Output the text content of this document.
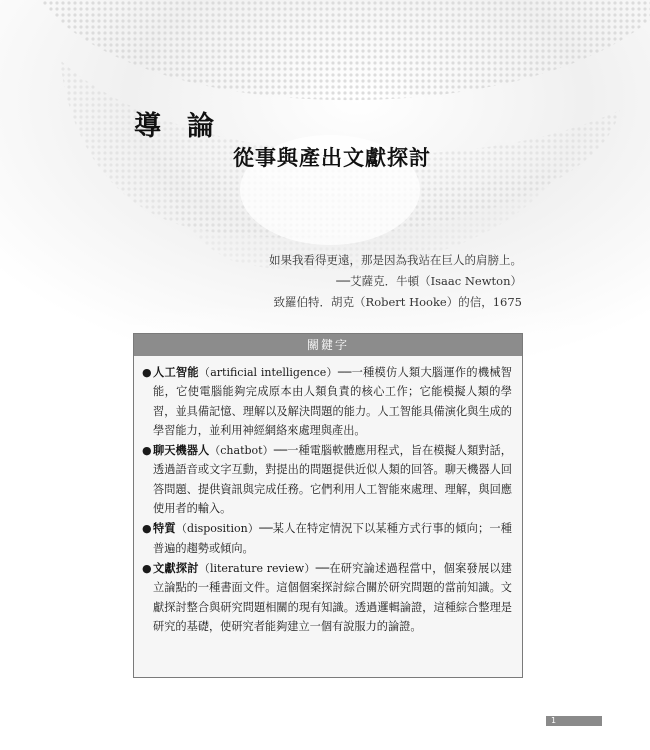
導論
從事與產出文獻探討
如果我看得更遠，那是因為我站在巨人的肩膀上。
──艾薩克．牛頓（Isaac Newton）
致羅伯特．胡克（Robert Hooke）的信，1675
關鍵字
● 人工智能（artificial intelligence）──一種模仿人類大腦運作的機械智能，它使電腦能夠完成原本由人類負責的核心工作；它能模擬人類的學習，並具備記憶、理解以及解決問題的能力。人工智能具備演化與生成的學習能力，並利用神經網絡來處理與產出。
● 聊天機器人（chatbot）──一種電腦軟體應用程式，旨在模擬人類對話，透過語音或文字互動，對提出的問題提供近似人類的回答。聊天機器人回答問題、提供資訊與完成任務。它們利用人工智能來處理、理解，與回應使用者的輸入。
● 特質（disposition）──某人在特定情況下以某種方式行事的傾向；一種普遍的趨勢或傾向。
● 文獻探討（literature review）──在研究論述過程當中，個案發展以建立論點的一種書面文件。這個個案探討綜合關於研究問題的當前知識。文獻探討整合與研究問題相關的現有知識。透過邏輯論證，這種綜合整理是研究的基礎，使研究者能夠建立一個有說服力的論證。
1
